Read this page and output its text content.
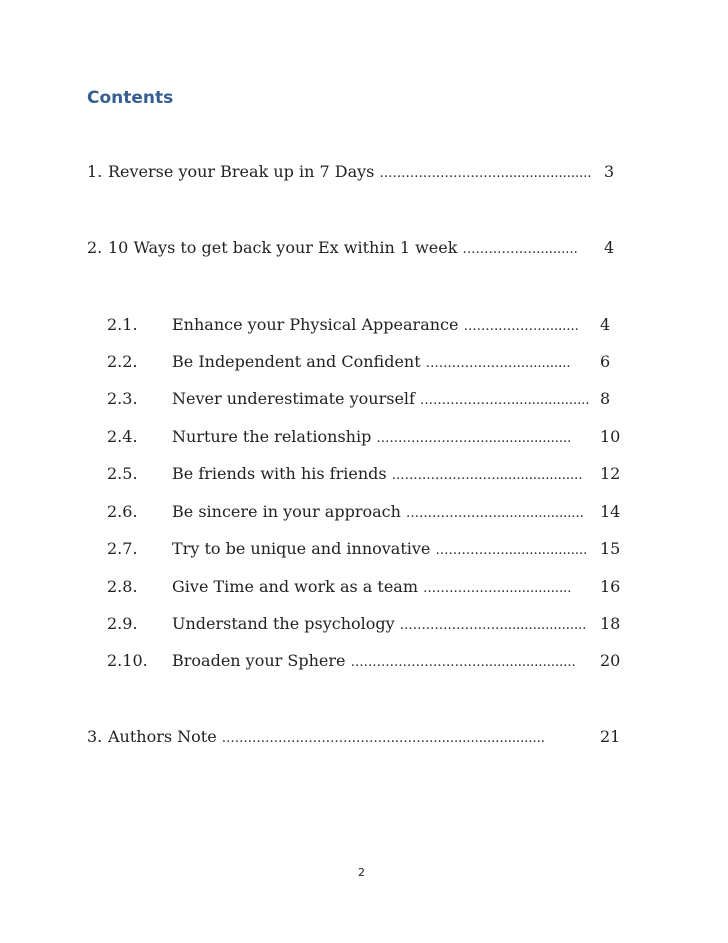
Contents
1. Reverse your Break up in 7 Days ………………….……...................... 3
2. 10 Ways to get back your Ex within 1 week ………………......... 4
2.1. Enhance your Physical Appearance ………………......... 4
2.2. Be Independent and Confident …………………............. 6
2.3. Never underestimate yourself …………………................... 8
2.4. Nurture the relationship ……………………...................... 10
2.5. Be friends with his friends ……………………..................... 12
2.6. Be sincere in your approach …………………..................... 14
2.7. Try to be unique and innovative ……………..................... 15
2.8. Give Time and work as a team ………………................. 16
2.9. Understand the psychology …………………….................... 18
2.10. Broaden your Sphere …………………………....................... 20
3. Authors Note …………………………………..…….............................	21
2
